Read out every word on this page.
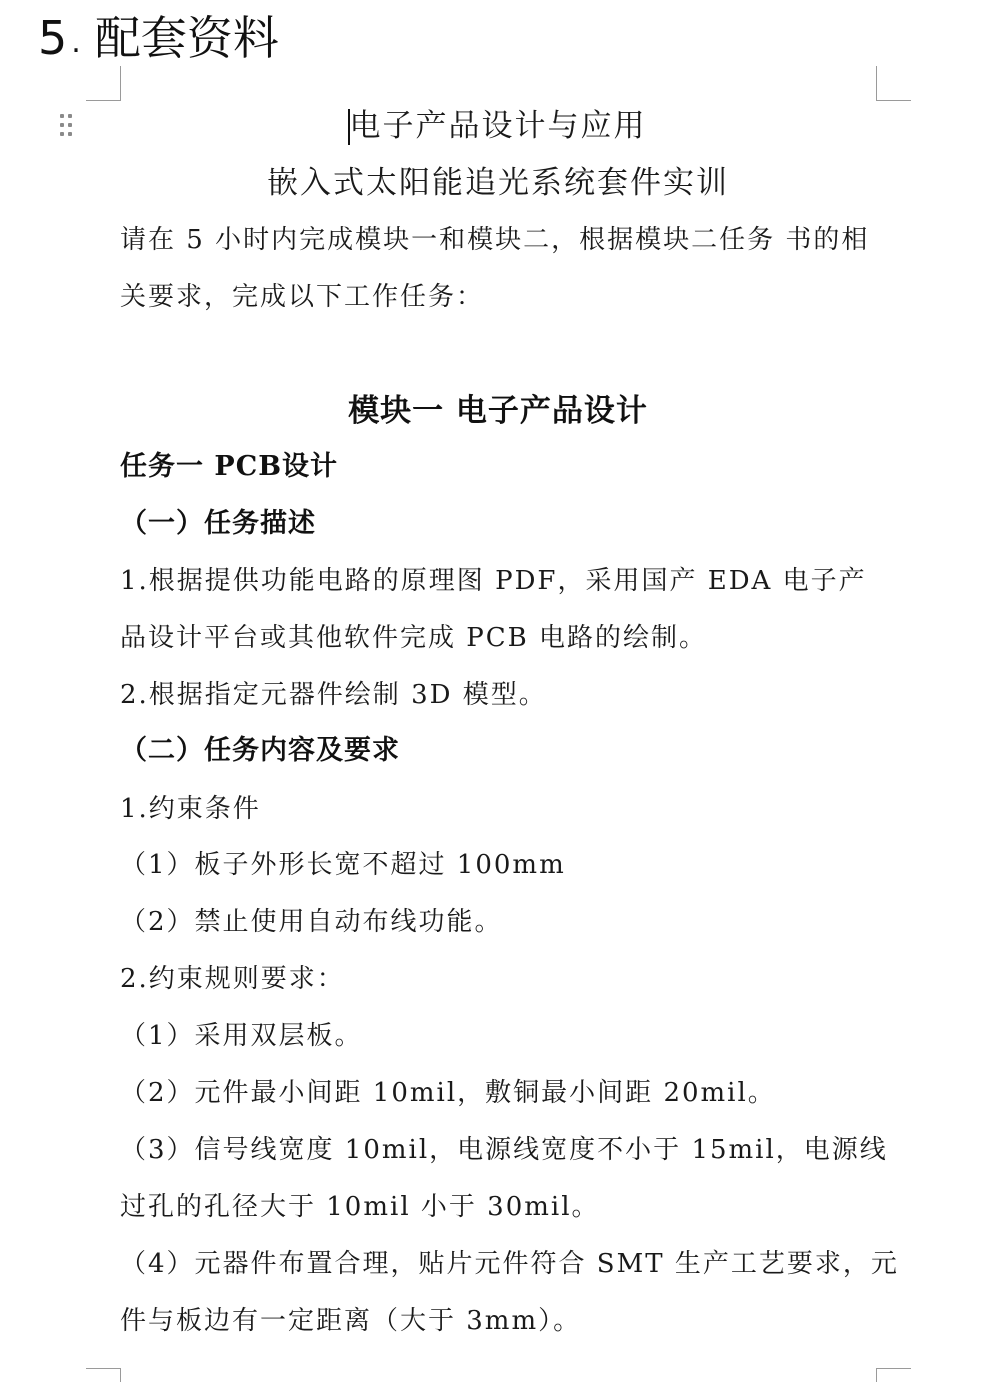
5 . 配套资料
电子产品设计与应用
嵌入式太阳能追光系统套件实训
请在 5 小时内完成模块一和模块二，根据模块二任务 书的相
关要求，完成以下工作任务：
模块一 电子产品设计
任务一 PCB设计
（一）任务描述
1.根据提供功能电路的原理图 PDF，采用国产 EDA 电子产
品设计平台或其他软件完成 PCB 电路的绘制。
2.根据指定元器件绘制 3D 模型。
（二）任务内容及要求
1.约束条件
（1）板子外形长宽不超过 100mm
（2）禁止使用自动布线功能。
2.约束规则要求：
（1）采用双层板。
（2）元件最小间距 10mil，敷铜最小间距 20mil。
（3）信号线宽度 10mil，电源线宽度不小于 15mil，电源线
过孔的孔径大于 10mil 小于 30mil。
（4）元器件布置合理，贴片元件符合 SMT 生产工艺要求，元
件与板边有一定距离（大于 3mm）。
